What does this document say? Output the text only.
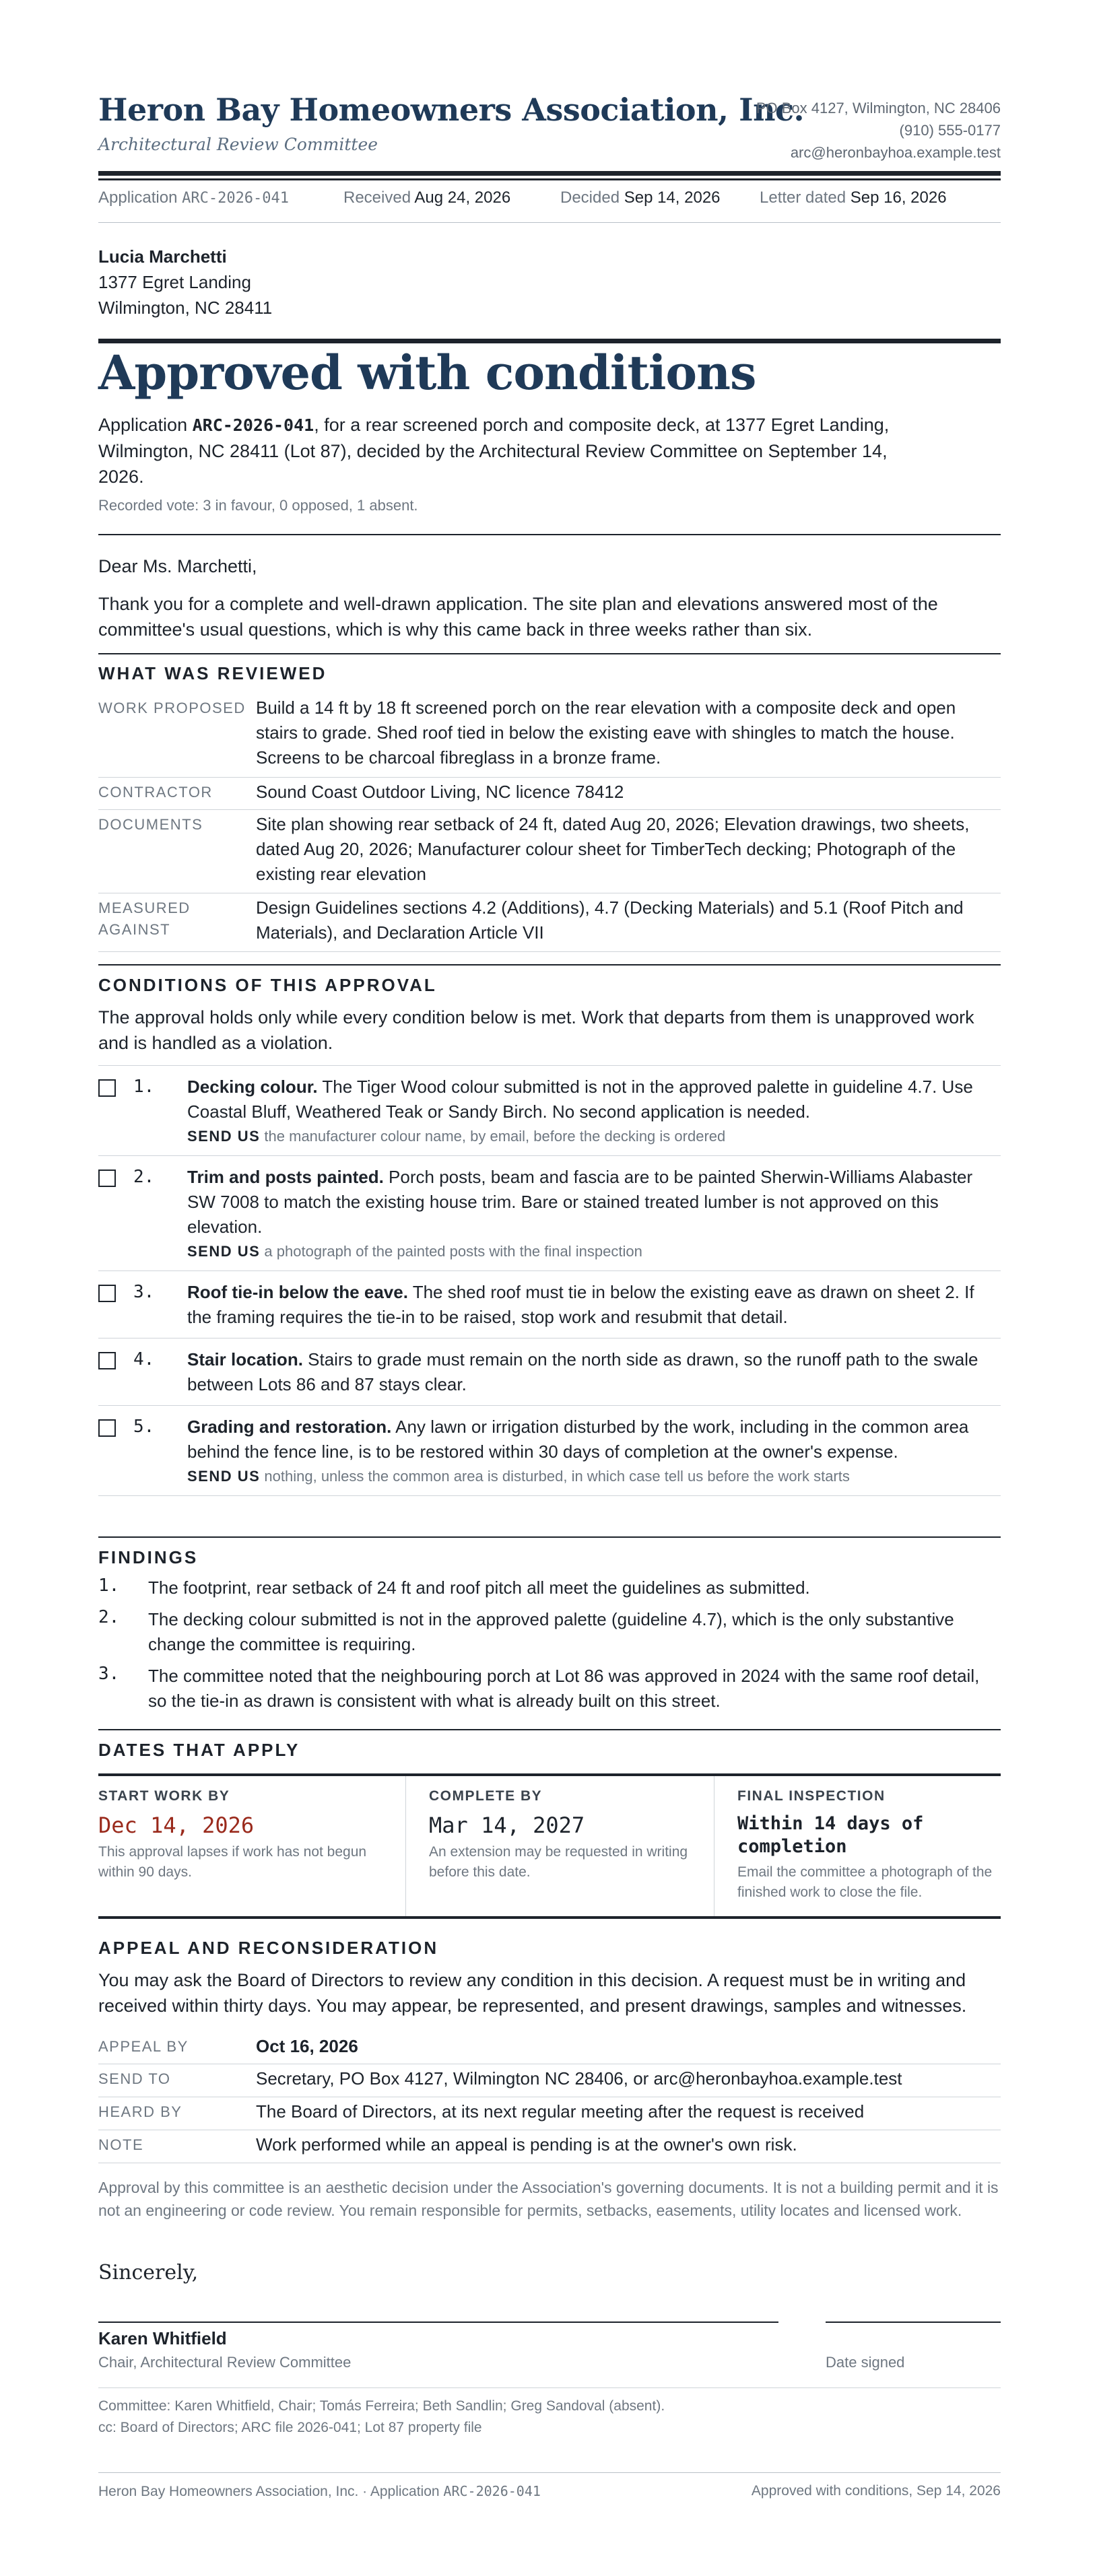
Heron Bay Homeowners Association, Inc.
Architectural Review Committee
PO Box 4127, Wilmington, NC 28406
(910) 555-0177
arc@heronbayhoa.example.test
Application ARC-2026-041	Received Aug 24, 2026	Decided Sep 14, 2026 Letter dated Sep 16, 2026
Lucia Marchetti
1377 Egret Landing
Wilmington, NC 28411
Approved with conditions
Application ARC-2026-041, for a rear screened porch and composite deck, at 1377 Egret Landing, Wilmington, NC 28411 (Lot 87), decided by the Architectural Review Committee on September 14, 2026.
Recorded vote: 3 in favour, 0 opposed, 1 absent.
Dear Ms. Marchetti,
Thank you for a complete and well-drawn application. The site plan and elevations answered most of the committee's usual questions, which is why this came back in three weeks rather than six.
WHAT WAS REVIEWED
WORK PROPOSED Build a 14 ft by 18 ft screened porch on the rear elevation with a composite deck and open stairs to grade. Shed roof tied in below the existing eave with shingles to match the house. Screens to be charcoal fibreglass in a bronze frame.
CONTRACTOR	Sound Coast Outdoor Living, NC licence 78412
DOCUMENTS	Site plan showing rear setback of 24 ft, dated Aug 20, 2026; Elevation drawings, two sheets, dated Aug 20, 2026; Manufacturer colour sheet for TimberTech decking; Photograph of the existing rear elevation
MEASURED AGAINST
Design Guidelines sections 4.2 (Additions), 4.7 (Decking Materials) and 5.1 (Roof Pitch and Materials), and Declaration Article VII
CONDITIONS OF THIS APPROVAL
The approval holds only while every condition below is met. Work that departs from them is unapproved work and is handled as a violation.
1. Decking colour. The Tiger Wood colour submitted is not in the approved palette in guideline 4.7. Use Coastal Bluff, Weathered Teak or Sandy Birch. No second application is needed.
SEND US the manufacturer colour name, by email, before the decking is ordered
2. Trim and posts painted. Porch posts, beam and fascia are to be painted Sherwin-Williams Alabaster SW 7008 to match the existing house trim. Bare or stained treated lumber is not approved on this elevation.
SEND US a photograph of the painted posts with the final inspection
3. Roof tie-in below the eave. The shed roof must tie in below the existing eave as drawn on sheet 2. If the framing requires the tie-in to be raised, stop work and resubmit that detail.
4. Stair location. Stairs to grade must remain on the north side as drawn, so the runoff path to the swale between Lots 86 and 87 stays clear.
5. Grading and restoration. Any lawn or irrigation disturbed by the work, including in the common area behind the fence line, is to be restored within 30 days of completion at the owner's expense.
SEND US nothing, unless the common area is disturbed, in which case tell us before the work starts
FINDINGS
1. The footprint, rear setback of 24 ft and roof pitch all meet the guidelines as submitted.
2. The decking colour submitted is not in the approved palette (guideline 4.7), which is the only substantive change the committee is requiring.
3. The committee noted that the neighbouring porch at Lot 86 was approved in 2024 with the same roof detail, so the tie-in as drawn is consistent with what is already built on this street.
DATES THAT APPLY
START WORK BY
Dec 14, 2026
This approval lapses if work has not begun within 90 days.
COMPLETE BY
Mar 14, 2027
An extension may be requested in writing before this date.
FINAL INSPECTION
Within 14 days of completion
Email the committee a photograph of the finished work to close the file.
APPEAL AND RECONSIDERATION
You may ask the Board of Directors to review any condition in this decision. A request must be in writing and received within thirty days. You may appear, be represented, and present drawings, samples and witnesses.
APPEAL BY	Oct 16, 2026
SEND TO	Secretary, PO Box 4127, Wilmington NC 28406, or arc@heronbayhoa.example.test
HEARD BY	The Board of Directors, at its next regular meeting after the request is received
NOTE	Work performed while an appeal is pending is at the owner's own risk.
Approval by this committee is an aesthetic decision under the Association's governing documents. It is not a building permit and it is not an engineering or code review. You remain responsible for permits, setbacks, easements, utility locates and licensed work.
Sincerely,
Karen Whitfield
Chair, Architectural Review Committee	Date signed
Committee: Karen Whitfield, Chair; Tomás Ferreira; Beth Sandlin; Greg Sandoval (absent).
cc: Board of Directors; ARC file 2026-041; Lot 87 property file
Heron Bay Homeowners Association, Inc. · Application ARC-2026-041	Approved with conditions, Sep 14, 2026
